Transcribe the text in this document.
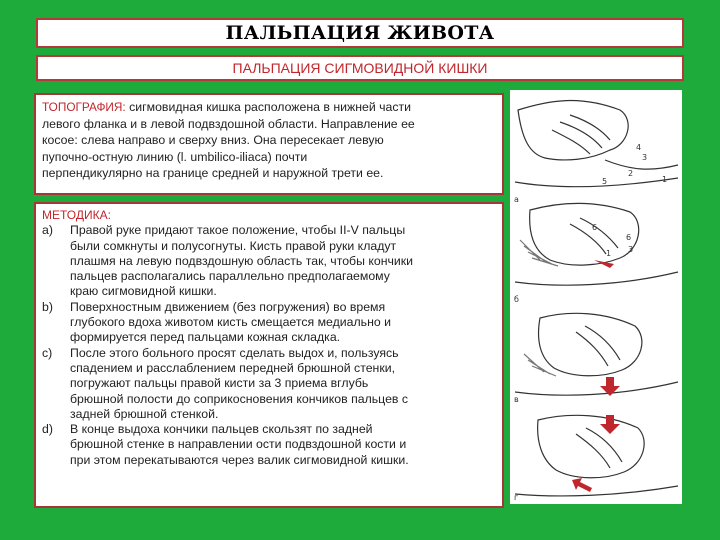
ПАЛЬПАЦИЯ ЖИВОТА
ПАЛЬПАЦИЯ СИГМОВИДНОЙ КИШКИ
ТОПОГРАФИЯ: сигмовидная кишка расположена в нижней части
левого фланка и в левой подвздошной области. Направление ее
косое: слева направо и сверху вниз. Она пересекает левую
пупочно-остную линию (l. umbilico-iliaca) почти
перпендикулярно на границе средней и наружной трети ее.
МЕТОДИКА:
a)	Правой руке придают такое положение, чтобы II-V пальцы
были сомкнуты и полусогнуты. Кисть правой руки кладут
плашмя на левую подвздошную область так, чтобы кончики
пальцев располагались параллельно предполагаемому
краю сигмовидной кишки.
b)	Поверхностным движением (без погружения) во время
глубокого вдоха животом кисть смещается медиально и
формируется перед пальцами кожная складка.
c)	После этого больного просят сделать выдох и, пользуясь
спадением и расслаблением передней брюшной стенки,
погружают пальцы правой кисти за 3 приема вглубь
брюшной полости до соприкосновения кончиков пальцев с
задней брюшной стенкой.
d)	В конце выдоха кончики пальцев скользят по задней
брюшной стенке в направлении ости подвздошной кости и
при этом перекатываются через валик сигмовидной кишки.
а
б
в
г
4
3
2
5	1
6
6
1 3
